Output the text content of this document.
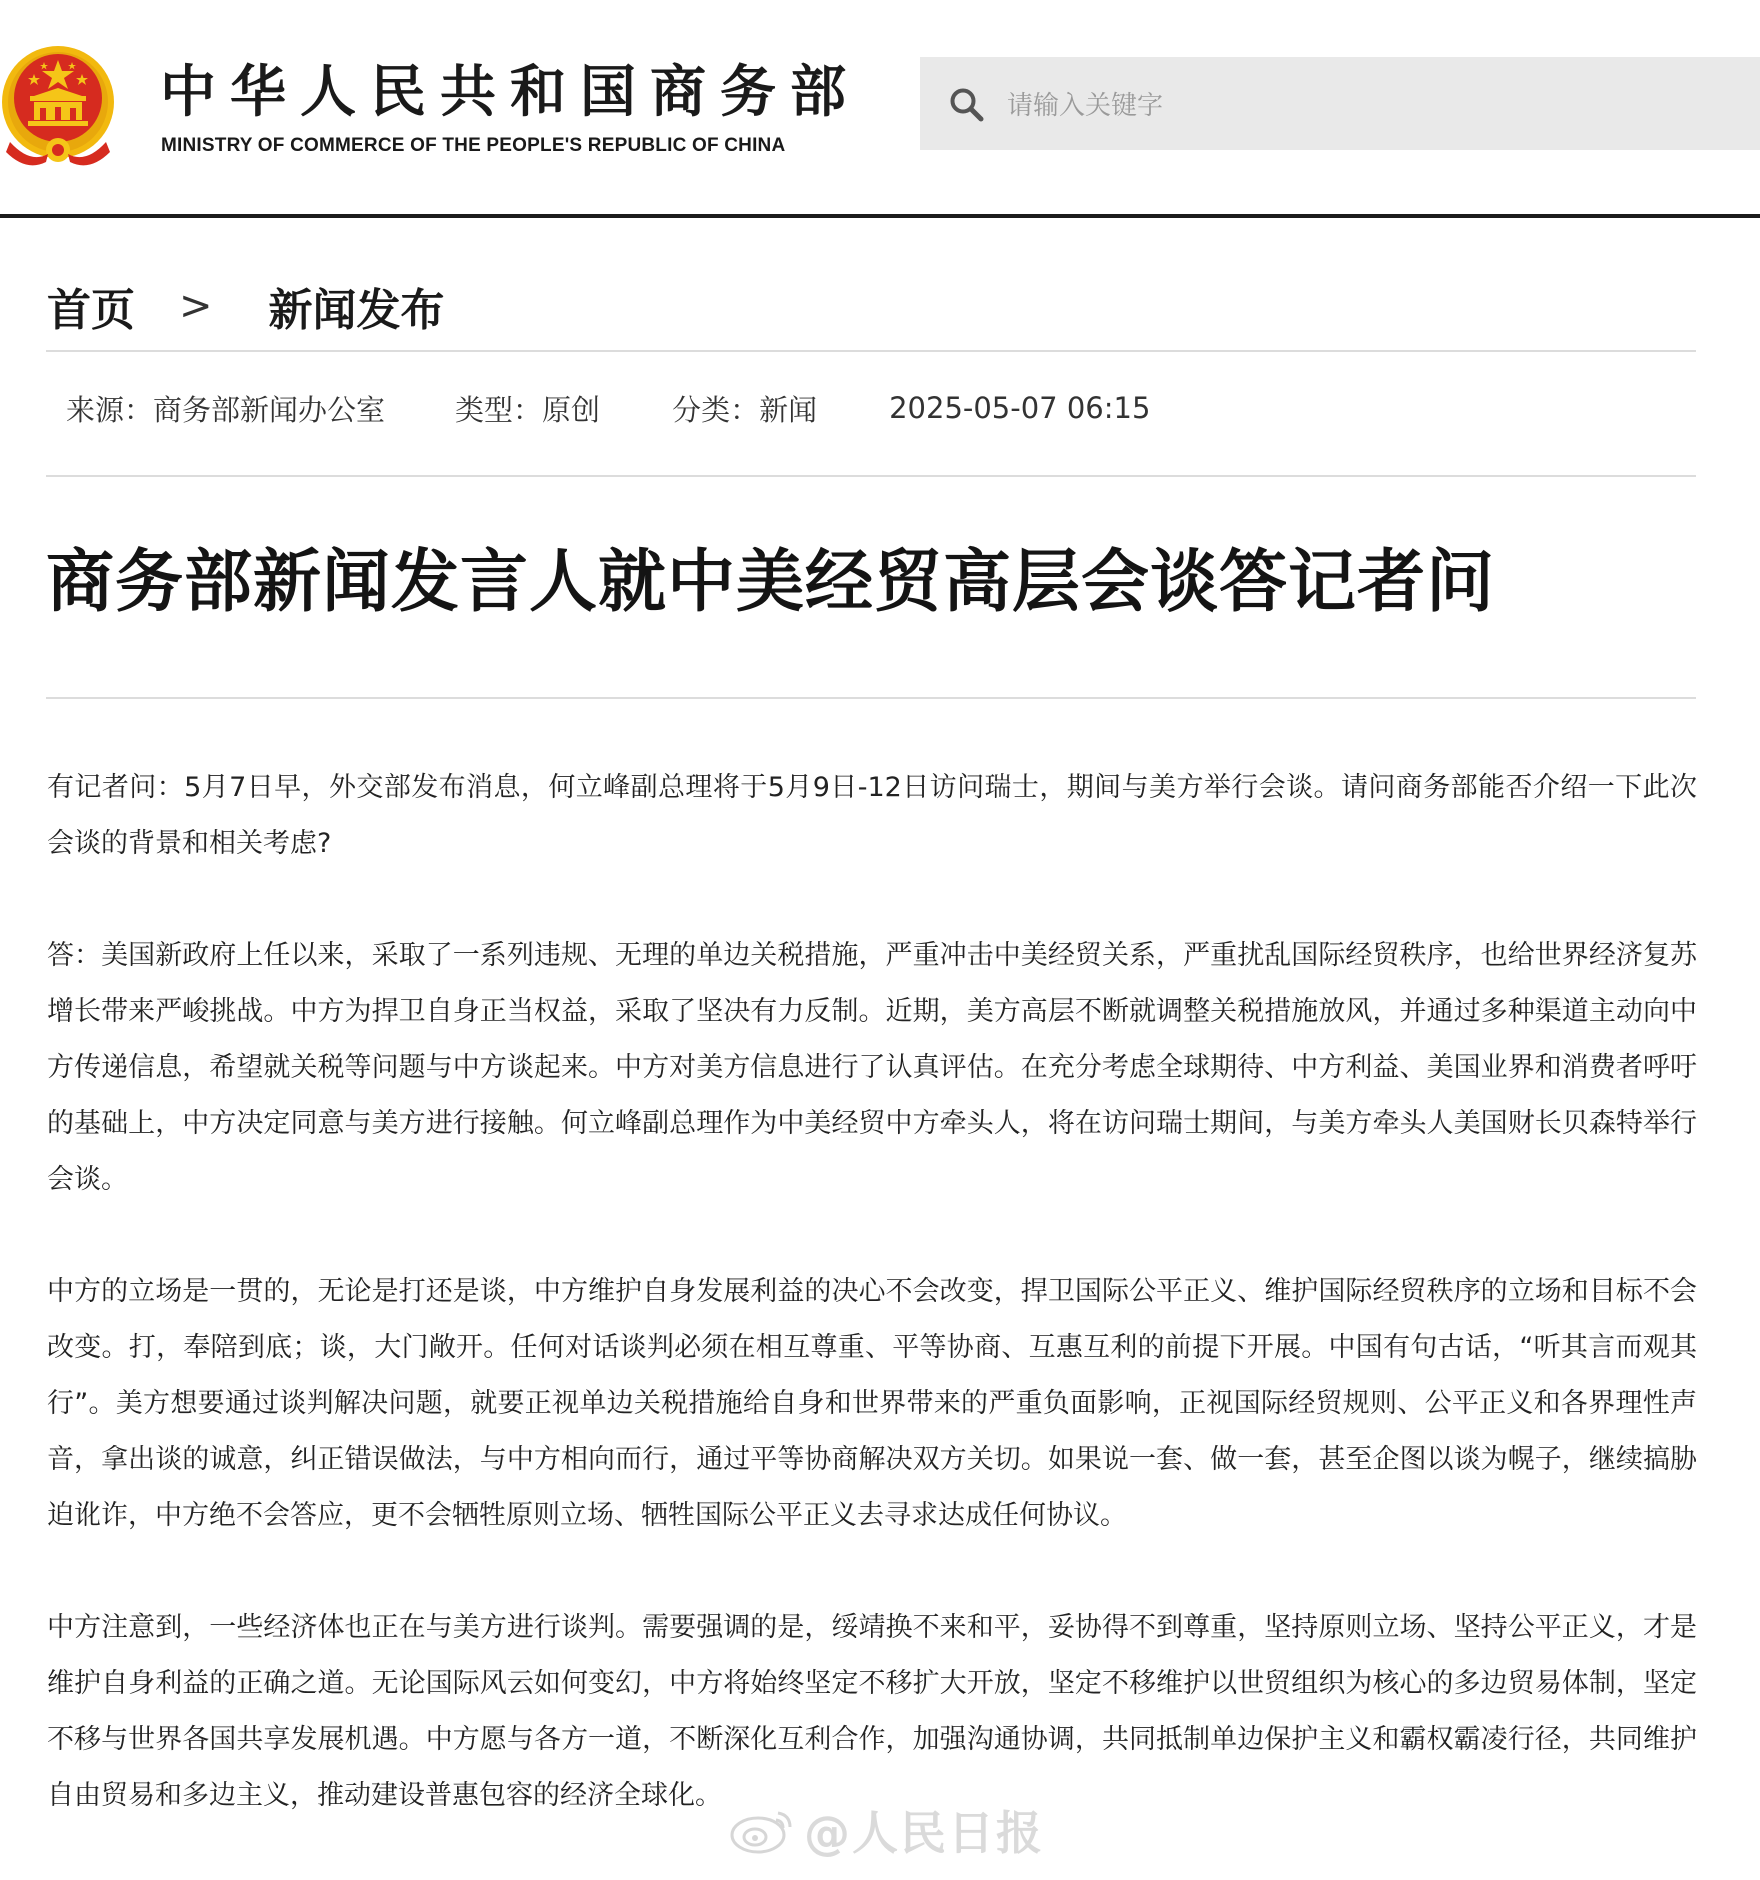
中华人民共和国商务部
MINISTRY OF COMMERCE OF THE PEOPLE'S REPUBLIC OF CHINA
请输入关键字
首页 > 新闻发布
来源： 商务部新闻办公室 类型： 原创 分类： 新闻 2025-05-07 06:15
商务部新闻发言人就中美经贸高层会谈答记者问

有记者问：5月7日早，外交部发布消息，何立峰副总理将于5月9日-12日访问瑞士，期间与美方举行会谈。请问商务部能否介绍一下此次会谈的背景和相关考虑?

答：美国新政府上任以来，采取了一系列违规、无理的单边关税措施，严重冲击中美经贸关系，严重扰乱国际经贸秩序，也给世界经济复苏增长带来严峻挑战。中方为捍卫自身正当权益，采取了坚决有力反制。近期，美方高层不断就调整关税措施放风，并通过多种渠道主动向中方传递信息，希望就关税等问题与中方谈起来。中方对美方信息进行了认真评估。在充分考虑全球期待、中方利益、美国业界和消费者呼吁的基础上，中方决定同意与美方进行接触。何立峰副总理作为中美经贸中方牵头人，将在访问瑞士期间，与美方牵头人美国财长贝森特举行会谈。

中方的立场是一贯的，无论是打还是谈，中方维护自身发展利益的决心不会改变，捍卫国际公平正义、维护国际经贸秩序的立场和目标不会改变。打，奉陪到底；谈，大门敞开。任何对话谈判必须在相互尊重、平等协商、互惠互利的前提下开展。中国有句古话，“听其言而观其行”。美方想要通过谈判解决问题，就要正视单边关税措施给自身和世界带来的严重负面影响，正视国际经贸规则、公平正义和各界理性声音，拿出谈的诚意，纠正错误做法，与中方相向而行，通过平等协商解决双方关切。如果说一套、做一套，甚至企图以谈为幌子，继续搞胁迫讹诈，中方绝不会答应，更不会牺牲原则立场、牺牲国际公平正义去寻求达成任何协议。

中方注意到，一些经济体也正在与美方进行谈判。需要强调的是，绥靖换不来和平，妥协得不到尊重，坚持原则立场、坚持公平正义，才是维护自身利益的正确之道。无论国际风云如何变幻，中方将始终坚定不移扩大开放，坚定不移维护以世贸组织为核心的多边贸易体制，坚定不移与世界各国共享发展机遇。中方愿与各方一道，不断深化互利合作，加强沟通协调，共同抵制单边保护主义和霸权霸凌行径，共同维护自由贸易和多边主义，推动建设普惠包容的经济全球化。

@人民日报
